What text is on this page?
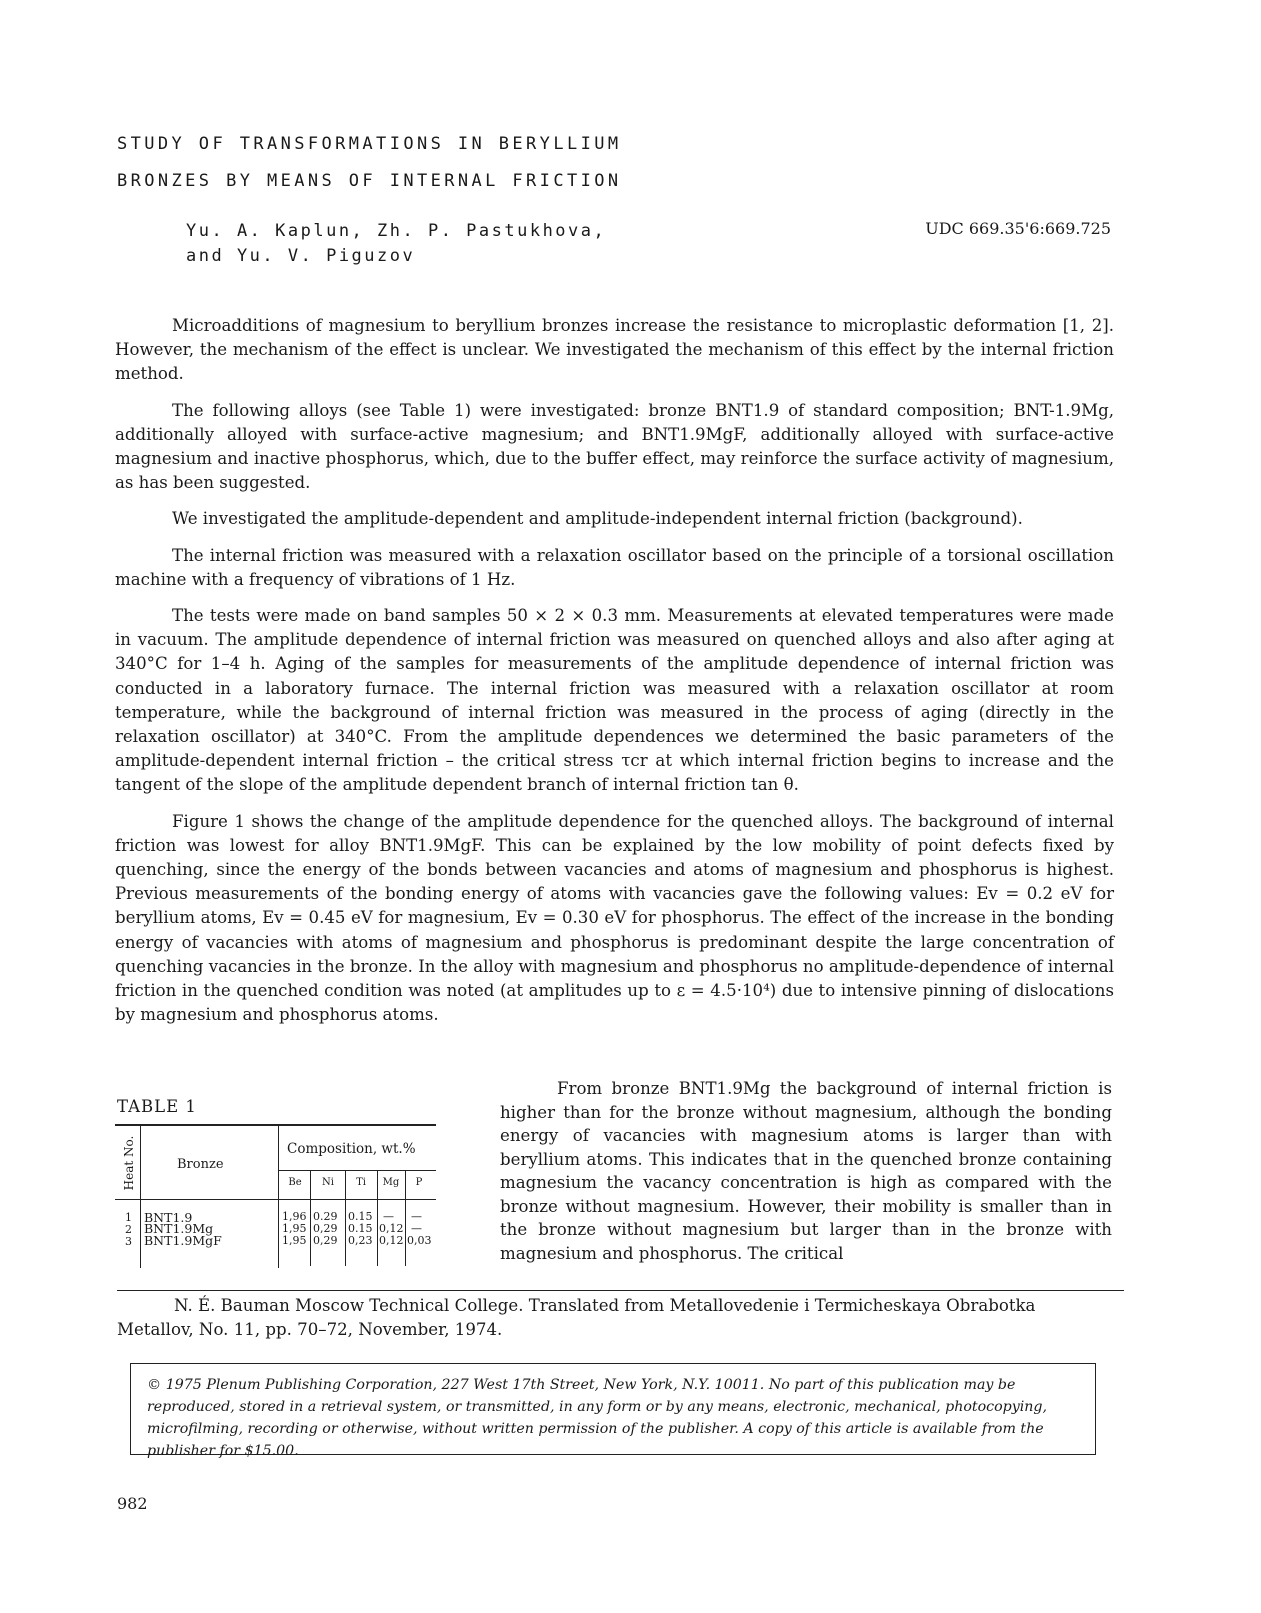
STUDY OF TRANSFORMATIONS IN BERYLLIUM
BRONZES BY MEANS OF INTERNAL FRICTION
Yu. A. Kaplun, Zh. P. Pastukhova,
and Yu. V. Piguzov
UDC 669.35'6:669.725

Microadditions of magnesium to beryllium bronzes increase the resistance to microplastic deformation [1, 2]. However, the mechanism of the effect is unclear. We investigated the mechanism of this effect by the internal friction method.

The following alloys (see Table 1) were investigated: bronze BNT1.9 of standard composition; BNT-1.9Mg, additionally alloyed with surface-active magnesium; and BNT1.9MgF, additionally alloyed with surface-active magnesium and inactive phosphorus, which, due to the buffer effect, may reinforce the surface activity of magnesium, as has been suggested.

We investigated the amplitude-dependent and amplitude-independent internal friction (background).

The internal friction was measured with a relaxation oscillator based on the principle of a torsional oscillation machine with a frequency of vibrations of 1 Hz.

The tests were made on band samples 50 × 2 × 0.3 mm. Measurements at elevated temperatures were made in vacuum. The amplitude dependence of internal friction was measured on quenched alloys and also after aging at 340°C for 1–4 h. Aging of the samples for measurements of the amplitude dependence of internal friction was conducted in a laboratory furnace. The internal friction was measured with a relaxation oscillator at room temperature, while the background of internal friction was measured in the process of aging (directly in the relaxation oscillator) at 340°C. From the amplitude dependences we determined the basic parameters of the amplitude-dependent internal friction – the critical stress τcr at which internal friction begins to increase and the tangent of the slope of the amplitude dependent branch of internal friction tan θ.

Figure 1 shows the change of the amplitude dependence for the quenched alloys. The background of internal friction was lowest for alloy BNT1.9MgF. This can be explained by the low mobility of point defects fixed by quenching, since the energy of the bonds between vacancies and atoms of magnesium and phosphorus is highest. Previous measurements of the bonding energy of atoms with vacancies gave the following values: Ev = 0.2 eV for beryllium atoms, Ev = 0.45 eV for magnesium, Ev = 0.30 eV for phosphorus. The effect of the increase in the bonding energy of vacancies with atoms of magnesium and phosphorus is predominant despite the large concentration of quenching vacancies in the bronze. In the alloy with magnesium and phosphorus no amplitude-dependence of internal friction in the quenched condition was noted (at amplitudes up to ε = 4.5·10⁴) due to intensive pinning of dislocations by magnesium and phosphorus atoms.

TABLE 1
Heat No.	Bronze
Composition, wt.%
Be	Ni	Ti	Mg	P
1 BNT1.9	1,96 0.29 0.15 — —
2 BNT1.9Mg	1,95 0,29 0.15 0,12 —
3 BNT1.9MgF	1,95 0,29 0,23 0,12 0,03

From bronze BNT1.9Mg the background of internal friction is higher than for the bronze without magnesium, although the bonding energy of vacancies with magnesium atoms is larger than with beryllium atoms. This indicates that in the quenched bronze containing magnesium the vacancy concentration is high as compared with the bronze without magnesium. However, their mobility is smaller than in the bronze without magnesium but larger than in the bronze with magnesium and phosphorus. The critical

N. É. Bauman Moscow Technical College. Translated from Metallovedenie i Termicheskaya Obrabotka Metallov, No. 11, pp. 70–72, November, 1974.

© 1975 Plenum Publishing Corporation, 227 West 17th Street, New York, N.Y. 10011. No part of this publication may be reproduced, stored in a retrieval system, or transmitted, in any form or by any means, electronic, mechanical, photocopying, microfilming, recording or otherwise, without written permission of the publisher. A copy of this article is available from the publisher for $15.00.
982
